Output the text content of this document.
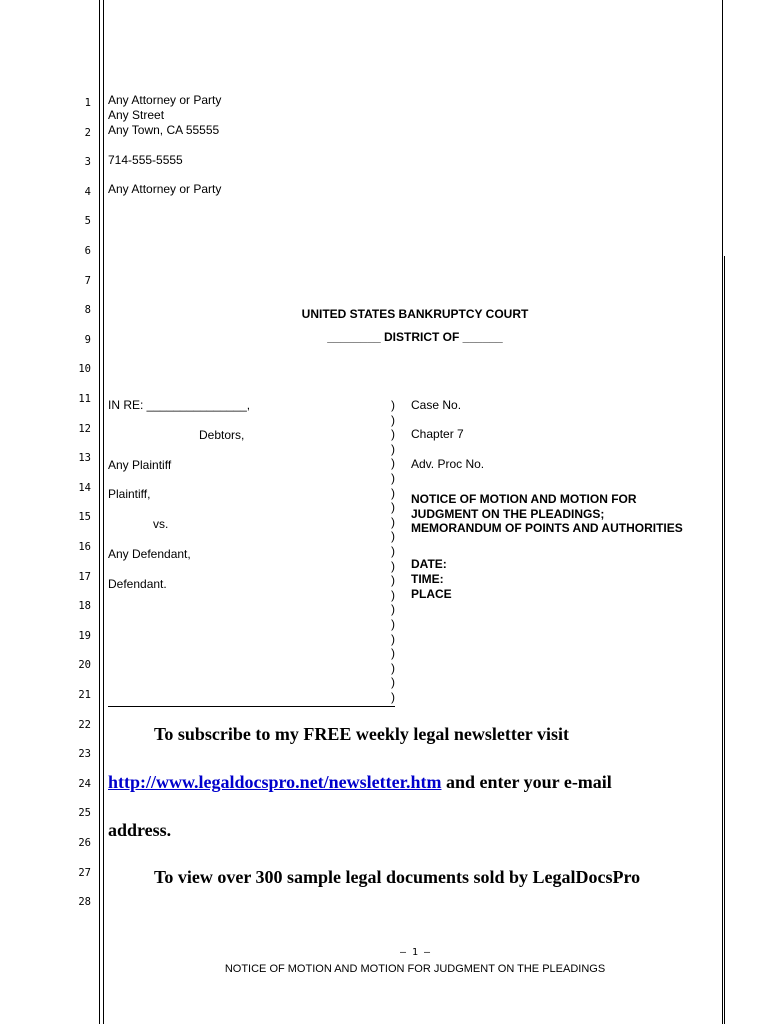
1
2
3
4
5
6
7
8
9
10
11
12
13
14
15
16
17
18
19
20
21
22
23
24
25
26
27
28
Any Attorney or Party
Any Street
Any Town, CA 55555
714-555-5555
Any Attorney or Party
UNITED STATES BANKRUPTCY COURT
________ DISTRICT OF ______
IN RE: _______________,
Debtors,
Any Plaintiff
Plaintiff,
vs.
Any Defendant,
Defendant.
)
)
)
)
)
)
)
)
)
)
)
)
)
)
)
)
)
)
)
)
)
Case No.
Chapter 7
Adv. Proc No.
NOTICE OF MOTION AND MOTION FOR
JUDGMENT ON THE PLEADINGS;
MEMORANDUM OF POINTS AND AUTHORITIES
DATE:
TIME:
PLACE
To subscribe to my FREE weekly legal newsletter visit
http://www.legaldocspro.net/newsletter.htm and enter your e-mail
address.
To view over 300 sample legal documents sold by LegalDocsPro
– 1 –
NOTICE OF MOTION AND MOTION FOR JUDGMENT ON THE PLEADINGS
